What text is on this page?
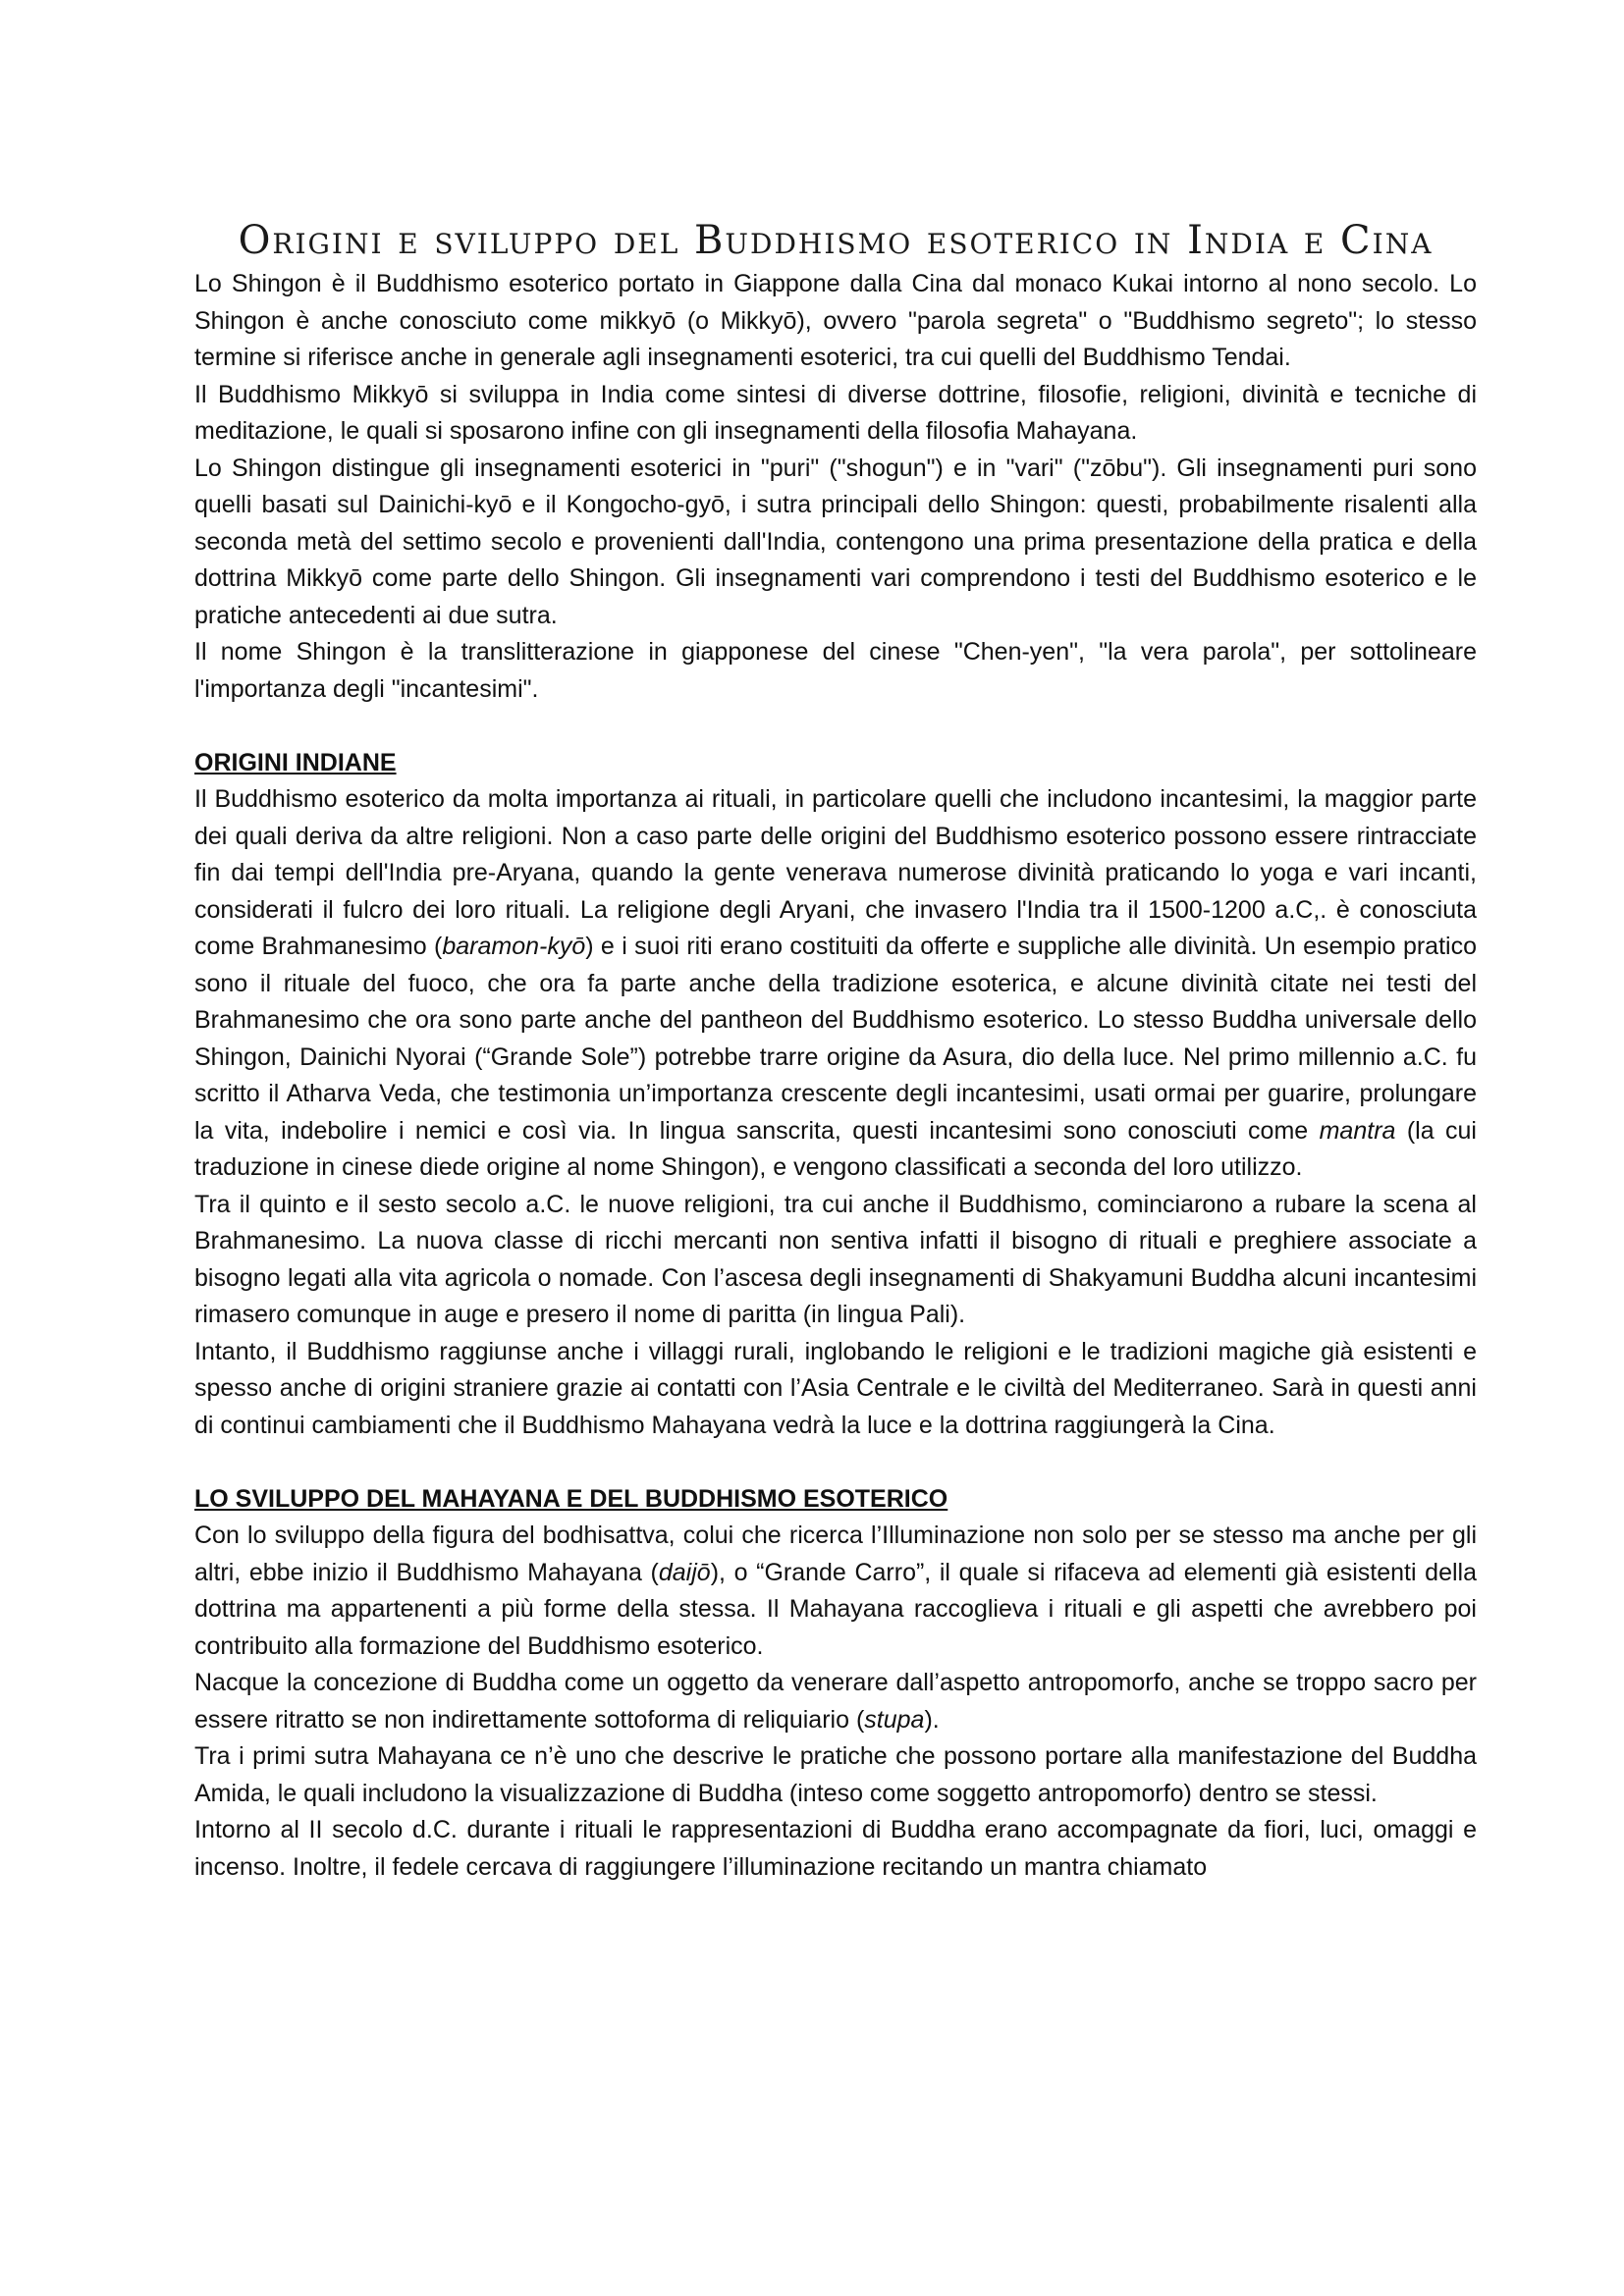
Origini e sviluppo del Buddhismo esoterico in India e Cina

Lo Shingon è il Buddhismo esoterico portato in Giappone dalla Cina dal monaco Kukai intorno al nono secolo. Lo Shingon è anche conosciuto come mikkyō (o Mikkyō), ovvero "parola segreta" o "Buddhismo segreto"; lo stesso termine si riferisce anche in generale agli insegnamenti esoterici, tra cui quelli del Buddhismo Tendai.

Il Buddhismo Mikkyō si sviluppa in India come sintesi di diverse dottrine, filosofie, religioni, divinità e tecniche di meditazione, le quali si sposarono infine con gli insegnamenti della filosofia Mahayana.

Lo Shingon distingue gli insegnamenti esoterici in "puri" ("shogun") e in "vari" ("zōbu"). Gli insegnamenti puri sono quelli basati sul Dainichi-kyō e il Kongocho-gyō, i sutra principali dello Shingon: questi, probabilmente risalenti alla seconda metà del settimo secolo e provenienti dall'India, contengono una prima presentazione della pratica e della dottrina Mikkyō come parte dello Shingon. Gli insegnamenti vari comprendono i testi del Buddhismo esoterico e le pratiche antecedenti ai due sutra.

Il nome Shingon è la translitterazione in giapponese del cinese "Chen-yen", "la vera parola", per sottolineare l'importanza degli "incantesimi".

ORIGINI INDIANE

Il Buddhismo esoterico da molta importanza ai rituali, in particolare quelli che includono incantesimi, la maggior parte dei quali deriva da altre religioni. Non a caso parte delle origini del Buddhismo esoterico possono essere rintracciate fin dai tempi dell'India pre-Aryana, quando la gente venerava numerose divinità praticando lo yoga e vari incanti, considerati il fulcro dei loro rituali. La religione degli Aryani, che invasero l'India tra il 1500-1200 a.C,. è conosciuta come Brahmanesimo (baramon-kyō) e i suoi riti erano costituiti da offerte e suppliche alle divinità. Un esempio pratico sono il rituale del fuoco, che ora fa parte anche della tradizione esoterica, e alcune divinità citate nei testi del Brahmanesimo che ora sono parte anche del pantheon del Buddhismo esoterico. Lo stesso Buddha universale dello Shingon, Dainichi Nyorai (“Grande Sole”) potrebbe trarre origine da Asura, dio della luce. Nel primo millennio a.C. fu scritto il Atharva Veda, che testimonia un’importanza crescente degli incantesimi, usati ormai per guarire, prolungare la vita, indebolire i nemici e così via. In lingua sanscrita, questi incantesimi sono conosciuti come mantra (la cui traduzione in cinese diede origine al nome Shingon), e vengono classificati a seconda del loro utilizzo.

Tra il quinto e il sesto secolo a.C. le nuove religioni, tra cui anche il Buddhismo, cominciarono a rubare la scena al Brahmanesimo. La nuova classe di ricchi mercanti non sentiva infatti il bisogno di rituali e preghiere associate a bisogno legati alla vita agricola o nomade. Con l’ascesa degli insegnamenti di Shakyamuni Buddha alcuni incantesimi rimasero comunque in auge e presero il nome di paritta (in lingua Pali).

Intanto, il Buddhismo raggiunse anche i villaggi rurali, inglobando le religioni e le tradizioni magiche già esistenti e spesso anche di origini straniere grazie ai contatti con l’Asia Centrale e le civiltà del Mediterraneo. Sarà in questi anni di continui cambiamenti che il Buddhismo Mahayana vedrà la luce e la dottrina raggiungerà la Cina.

LO SVILUPPO DEL MAHAYANA E DEL BUDDHISMO ESOTERICO

Con lo sviluppo della figura del bodhisattva, colui che ricerca l’Illuminazione non solo per se stesso ma anche per gli altri, ebbe inizio il Buddhismo Mahayana (daijō), o “Grande Carro”, il quale si rifaceva ad elementi già esistenti della dottrina ma appartenenti a più forme della stessa. Il Mahayana raccoglieva i rituali e gli aspetti che avrebbero poi contribuito alla formazione del Buddhismo esoterico.

Nacque la concezione di Buddha come un oggetto da venerare dall’aspetto antropomorfo, anche se troppo sacro per essere ritratto se non indirettamente sottoforma di reliquiario (stupa).

Tra i primi sutra Mahayana ce n’è uno che descrive le pratiche che possono portare alla manifestazione del Buddha Amida, le quali includono la visualizzazione di Buddha (inteso come soggetto antropomorfo) dentro se stessi.

Intorno al II secolo d.C. durante i rituali le rappresentazioni di Buddha erano accompagnate da fiori, luci, omaggi e incenso. Inoltre, il fedele cercava di raggiungere l’illuminazione recitando un mantra chiamato
